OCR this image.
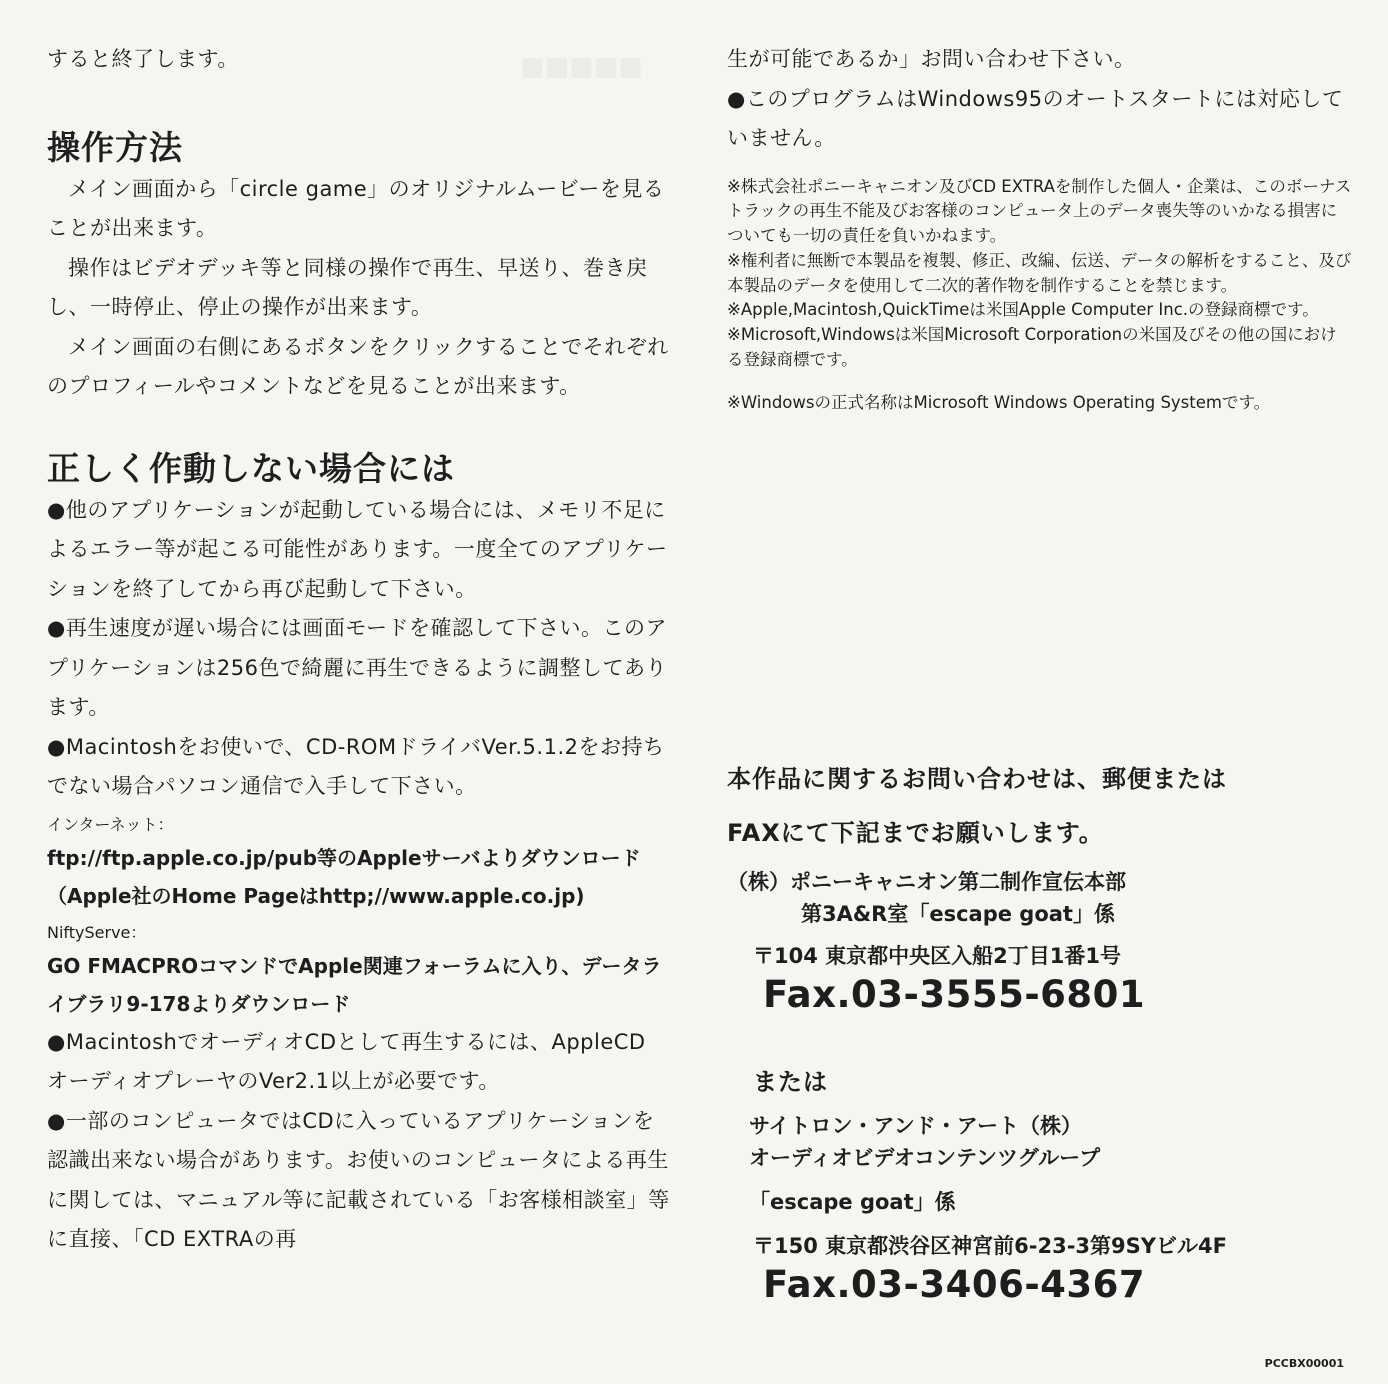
すると終了します。

操作方法

メイン画面から「circle game」のオリジナルムービーを見ることが出来ます。

操作はビデオデッキ等と同様の操作で再生、早送り、巻き戻し、一時停止、停止の操作が出来ます。

メイン画面の右側にあるボタンをクリックすることでそれぞれのプロフィールやコメントなどを見ることが出来ます。

正しく作動しない場合には

●他のアプリケーションが起動している場合には、メモリ不足によるエラー等が起こる可能性があります。一度全てのアプリケーションを終了してから再び起動して下さい。

●再生速度が遅い場合には画面モードを確認して下さい。このアプリケーションは256色で綺麗に再生できるように調整してあります。

●Macintoshをお使いで、CD-ROMドライバVer.5.1.2をお持ちでない場合パソコン通信で入手して下さい。

インターネット：

ftp://ftp.apple.co.jp/pub等のAppleサーバよりダウンロード（Apple社のHome Pageはhttp;//www.apple.co.jp)

NiftyServe：

GO FMACPROコマンドでApple関連フォーラムに入り、データライブラリ9-178よりダウンロード

●MacintoshでオーディオCDとして再生するには、AppleCD オーディオプレーヤのVer2.1以上が必要です。

●一部のコンピュータではCDに入っているアプリケーションを認識出来ない場合があります。お使いのコンピュータによる再生に関しては、マニュアル等に記載されている「お客様相談室」等に直接、「CD EXTRAの再

生が可能であるか」お問い合わせ下さい。

●このプログラムはWindows95のオートスタートには対応していません。

※株式会社ポニーキャニオン及びCD EXTRAを制作した個人・企業は、このボーナストラックの再生不能及びお客様のコンピュータ上のデータ喪失等のいかなる損害についても一切の責任を負いかねます。

※権利者に無断で本製品を複製、修正、改編、伝送、データの解析をすること、及び本製品のデータを使用して二次的著作物を制作することを禁じます。

※Apple,Macintosh,QuickTimeは米国Apple Computer Inc.の登録商標です。

※Microsoft,Windowsは米国Microsoft Corporationの米国及びその他の国における登録商標です。

※Windowsの正式名称はMicrosoft Windows Operating Systemです。

本作品に関するお問い合わせは、郵便または

FAXにて下記までお願いします。

（株）ポニーキャニオン第二制作宣伝本部

第3A&R室「escape goat」係

〒104 東京都中央区入船2丁目1番1号

Fax.03-3555-6801

または

サイトロン・アンド・アート（株）

オーディオビデオコンテンツグループ

「escape goat」係

〒150 東京都渋谷区神宮前6-23-3第9SYビル4F

Fax.03-3406-4367

PCCBX00001
